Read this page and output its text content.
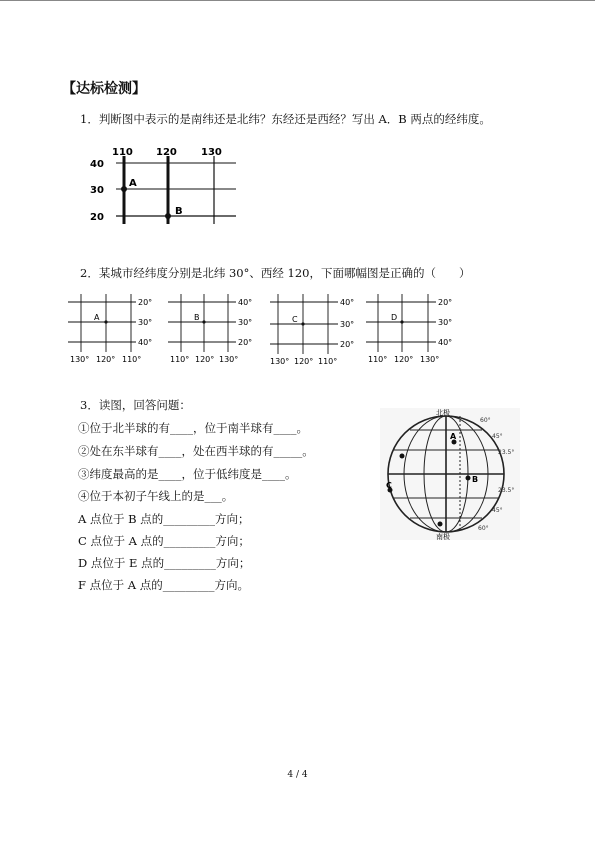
【达标检测】
1．判断图中表示的是南纬还是北纬？东经还是西经？写出 A．B 两点的经纬度。
110 120 130
40
30
20
A
B
2．某城市经纬度分别是北纬 30°、西经 120，下面哪幅图是正确的（　　）
A
20°
30°
40°
130° 120° 110°
B
40°
30°
20°
110° 120° 130°
C
40°
30°
20°
130° 120° 110°
D
20°
30°
40°
110° 120° 130°
3．读图，回答问题：
①位于北半球的有____，位于南半球有____。
②处在东半球有____，处在西半球的有_____。
③纬度最高的是____，位于低纬度是____。
④位于本初子午线上的是___。
A 点位于 B 点的_________方向；
C 点位于 A 点的_________方向；
D 点位于 E 点的_________方向；
F 点位于 A 点的_________方向。
60°
45°
23.5°
23.5°
45°
60°
北极
南极
A
B
C
4 / 4
